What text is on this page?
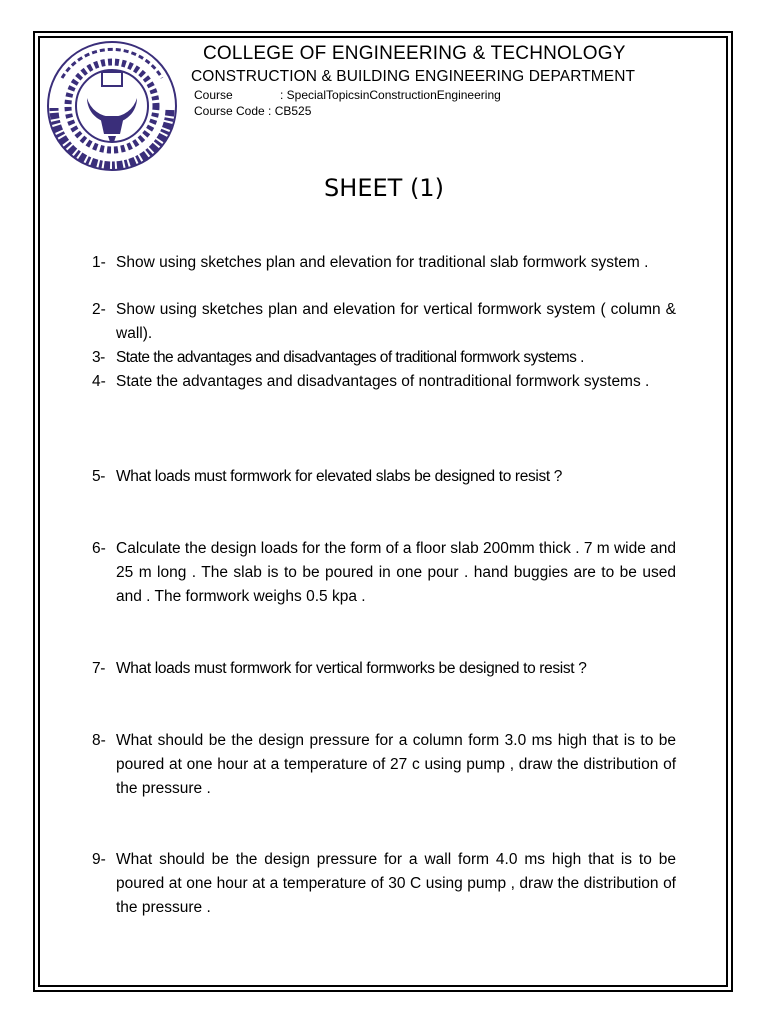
COLLEGE OF ENGINEERING & TECHNOLOGY
CONSTRUCTION & BUILDING ENGINEERING DEPARTMENT
Course	: SpecialTopicsinConstructionEngineering
Course Code : CB525
SHEET (1)
1- Show using sketches plan and elevation for traditional slab formwork system .
2- Show using sketches plan and elevation for vertical formwork system ( column & wall).
3- State the advantages and disadvantages of traditional formwork systems .
4- State the advantages and disadvantages of nontraditional formwork systems .
5- What loads must formwork for elevated slabs be designed to resist ?
6- Calculate the design loads for the form of a floor slab 200mm thick . 7 m wide and 25 m long . The slab is to be poured in one pour . hand buggies are to be used and . The formwork weighs 0.5 kpa .
7- What loads must formwork for vertical formworks be designed to resist ?
8- What should be the design pressure for a column form 3.0 ms high that is to be poured at one hour at a temperature of 27 c using pump , draw the distribution of the pressure .
9- What should be the design pressure for a wall form 4.0 ms high that is to be poured at one hour at a temperature of 30 C using pump , draw the distribution of the pressure .
